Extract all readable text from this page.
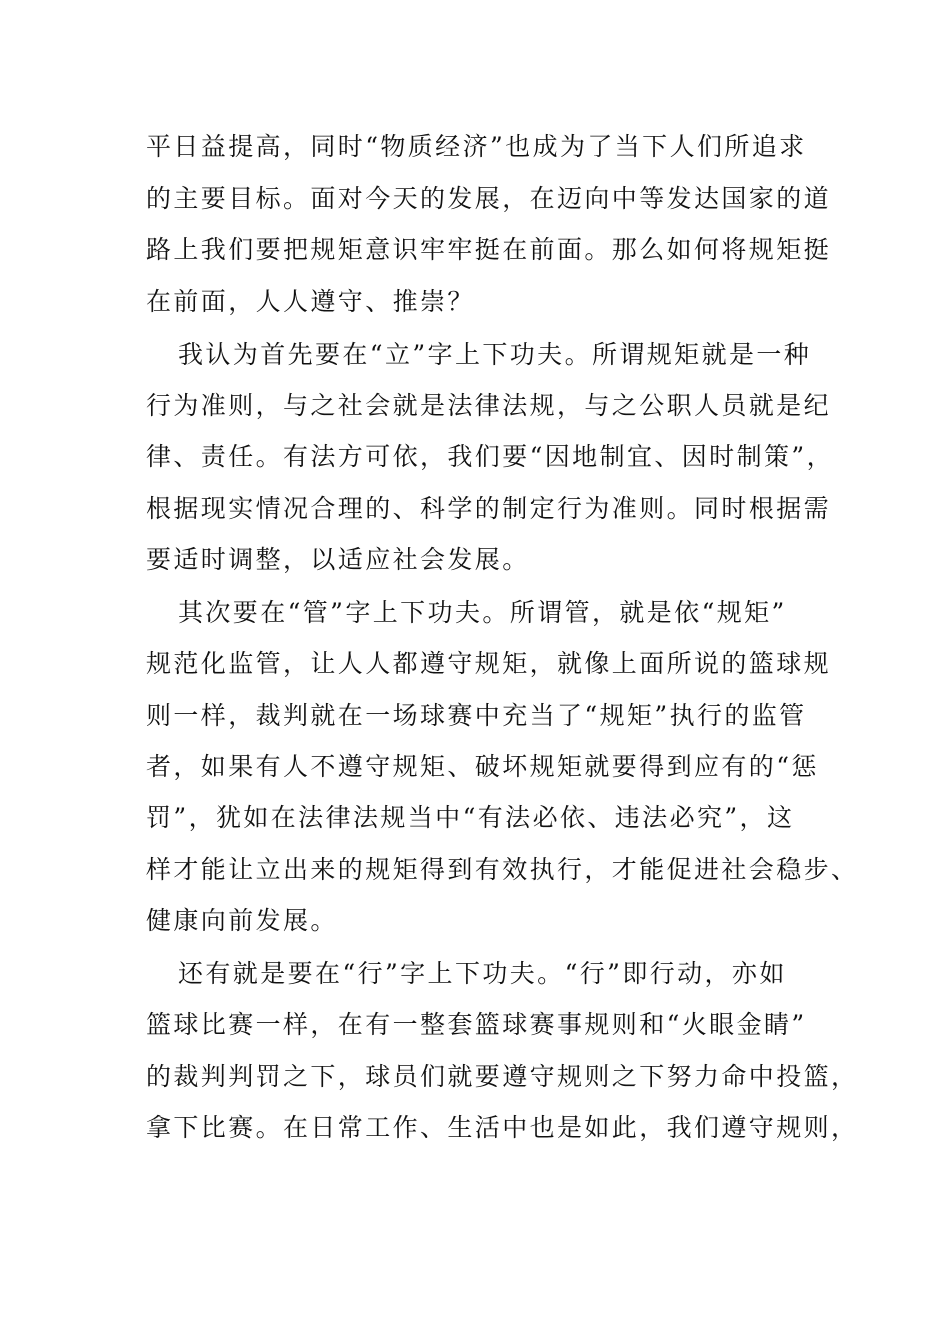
平日益提高，同时“物质经济”也成为了当下人们所追求
的主要目标。面对今天的发展，在迈向中等发达国家的道
路上我们要把规矩意识牢牢挺在前面。那么如何将规矩挺
在前面，人人遵守、推崇？
我认为首先要在“立”字上下功夫。所谓规矩就是一种
行为准则，与之社会就是法律法规，与之公职人员就是纪
律、责任。有法方可依，我们要“因地制宜、因时制策”，
根据现实情况合理的、科学的制定行为准则。同时根据需
要适时调整，以适应社会发展。
其次要在“管”字上下功夫。所谓管，就是依“规矩”
规范化监管，让人人都遵守规矩，就像上面所说的篮球规
则一样，裁判就在一场球赛中充当了“规矩”执行的监管
者，如果有人不遵守规矩、破坏规矩就要得到应有的“惩
罚”，犹如在法律法规当中“有法必依、违法必究”，这
样才能让立出来的规矩得到有效执行，才能促进社会稳步、
健康向前发展。
还有就是要在“行”字上下功夫。“行”即行动，亦如
篮球比赛一样，在有一整套篮球赛事规则和“火眼金睛”
的裁判判罚之下，球员们就要遵守规则之下努力命中投篮，
拿下比赛。在日常工作、生活中也是如此，我们遵守规则，
